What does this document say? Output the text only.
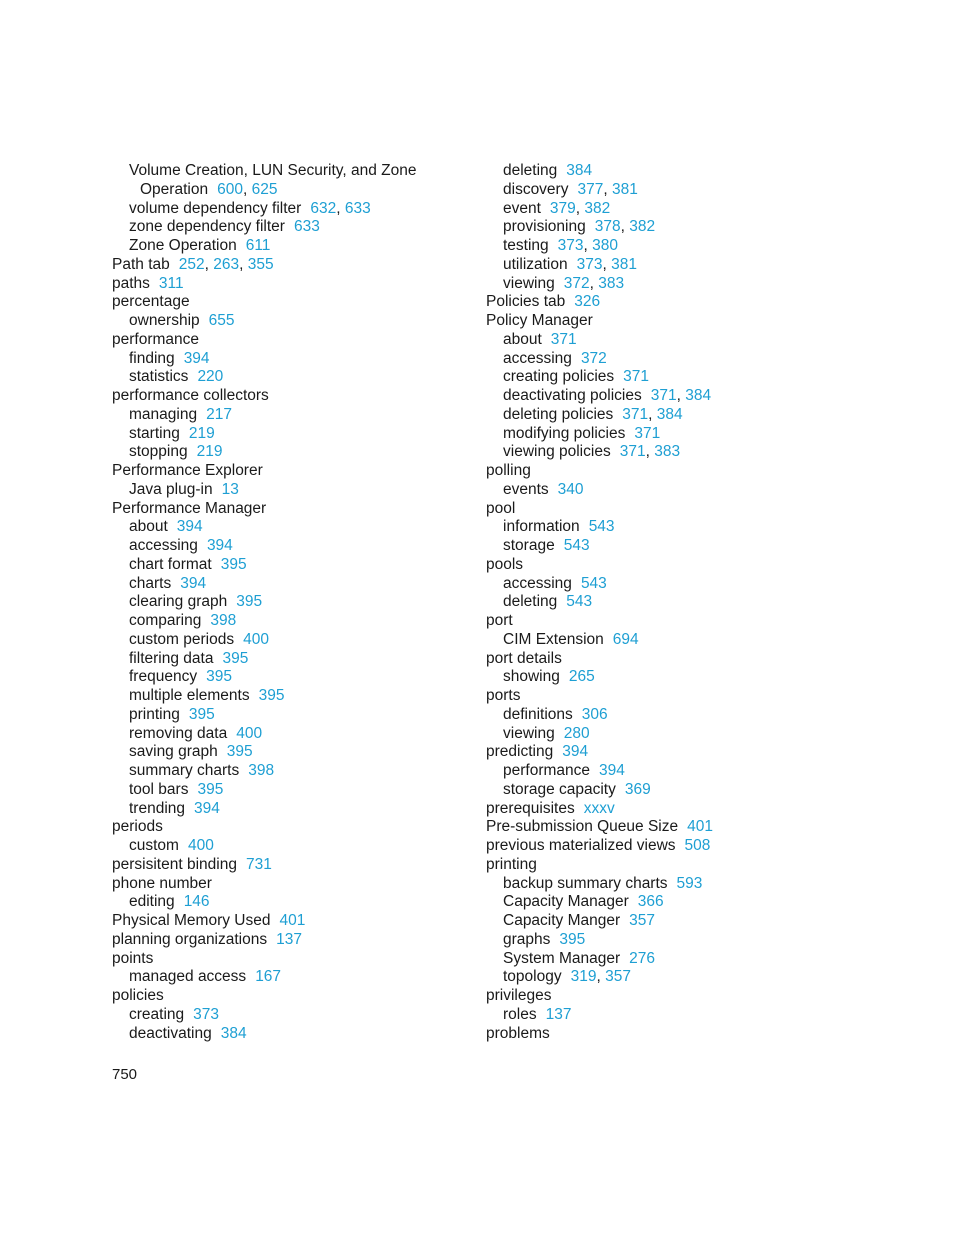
Volume Creation, LUN Security, and Zone
Operation 600, 625
volume dependency filter 632, 633
zone dependency filter 633
Zone Operation 611
Path tab 252, 263, 355
paths 311
percentage
ownership 655
performance
finding 394
statistics 220
performance collectors
managing 217
starting 219
stopping 219
Performance Explorer
Java plug-in 13
Performance Manager
about 394
accessing 394
chart format 395
charts 394
clearing graph 395
comparing 398
custom periods 400
filtering data 395
frequency 395
multiple elements 395
printing 395
removing data 400
saving graph 395
summary charts 398
tool bars 395
trending 394
periods
custom 400
persisitent binding 731
phone number
editing 146
Physical Memory Used 401
planning organizations 137
points
managed access 167
policies
creating 373
deactivating 384
deleting 384
discovery 377, 381
event 379, 382
provisioning 378, 382
testing 373, 380
utilization 373, 381
viewing 372, 383
Policies tab 326
Policy Manager
about 371
accessing 372
creating policies 371
deactivating policies 371, 384
deleting policies 371, 384
modifying policies 371
viewing policies 371, 383
polling
events 340
pool
information 543
storage 543
pools
accessing 543
deleting 543
port
CIM Extension 694
port details
showing 265
ports
definitions 306
viewing 280
predicting 394
performance 394
storage capacity 369
prerequisites xxxv
Pre-submission Queue Size 401
previous materialized views 508
printing
backup summary charts 593
Capacity Manager 366
Capacity Manger 357
graphs 395
System Manager 276
topology 319, 357
privileges
roles 137
problems
750
